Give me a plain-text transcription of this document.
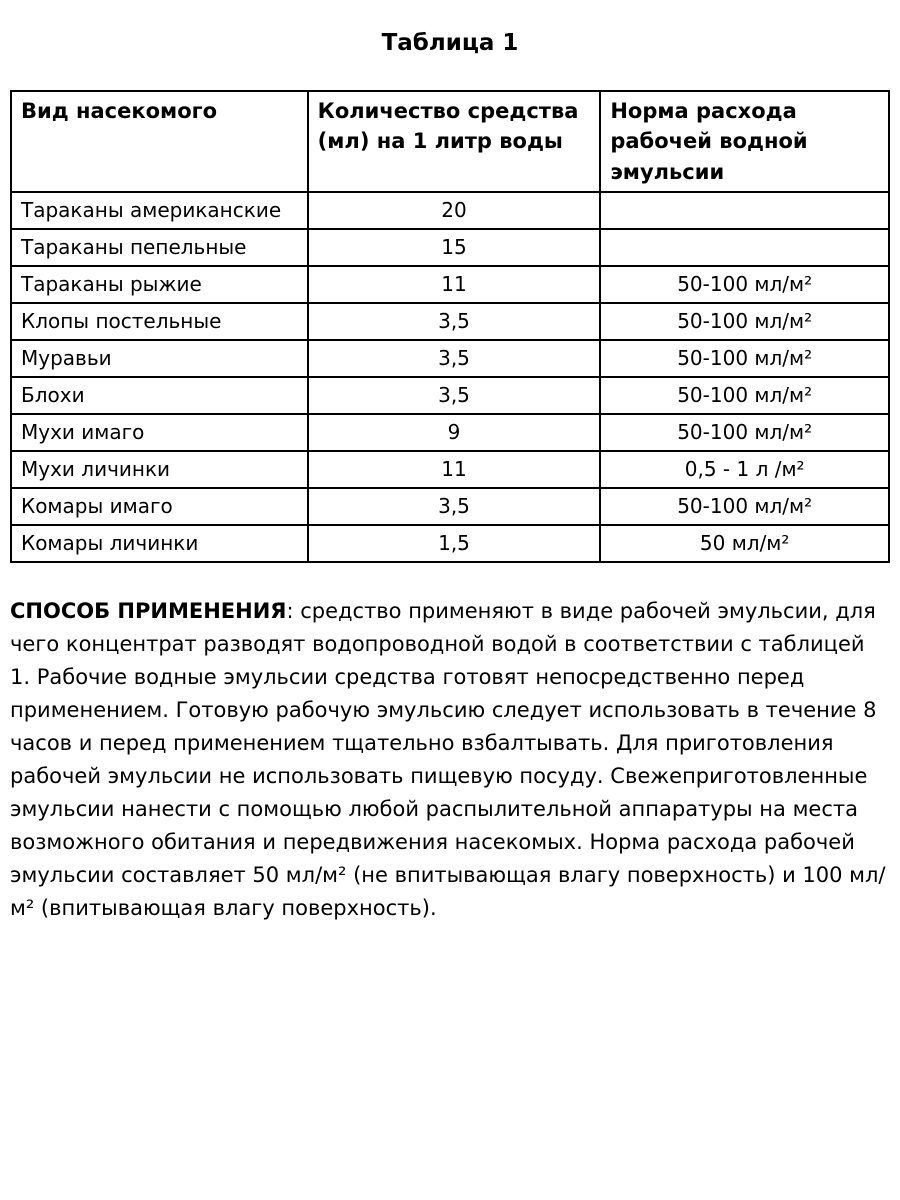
Таблица 1
Вид насекомого	Количество средства (мл) на 1 литр воды	Норма расхода рабочей водной эмульсии
Тараканы американские	20	
Тараканы пепельные	15	
Тараканы рыжие	11	50-100 мл/м²
Клопы постельные	3,5	50-100 мл/м²
Муравьи	3,5	50-100 мл/м²
Блохи	3,5	50-100 мл/м²
Мухи имаго	9	50-100 мл/м²
Мухи личинки	11	0,5 - 1 л /м²
Комары имаго	3,5	50-100 мл/м²
Комары личинки	1,5	50 мл/м²

СПОСОБ ПРИМЕНЕНИЯ: средство применяют в виде рабочей эмульсии, для чего концентрат разводят водопроводной водой в соответствии с таблицей 1. Рабочие водные эмульсии средства готовят непосредственно перед применением. Готовую рабочую эмульсию следует использовать в течение 8 часов и перед применением тщательно взбалтывать. Для приготовления рабочей эмульсии не использовать пищевую посуду. Свежеприготовленные эмульсии нанести с помощью любой распылительной аппаратуры на места возможного обитания и передвижения насекомых. Норма расхода рабочей эмульсии составляет 50 мл/м² (не впитывающая влагу поверхность) и 100 мл/м² (впитывающая влагу поверхность).
